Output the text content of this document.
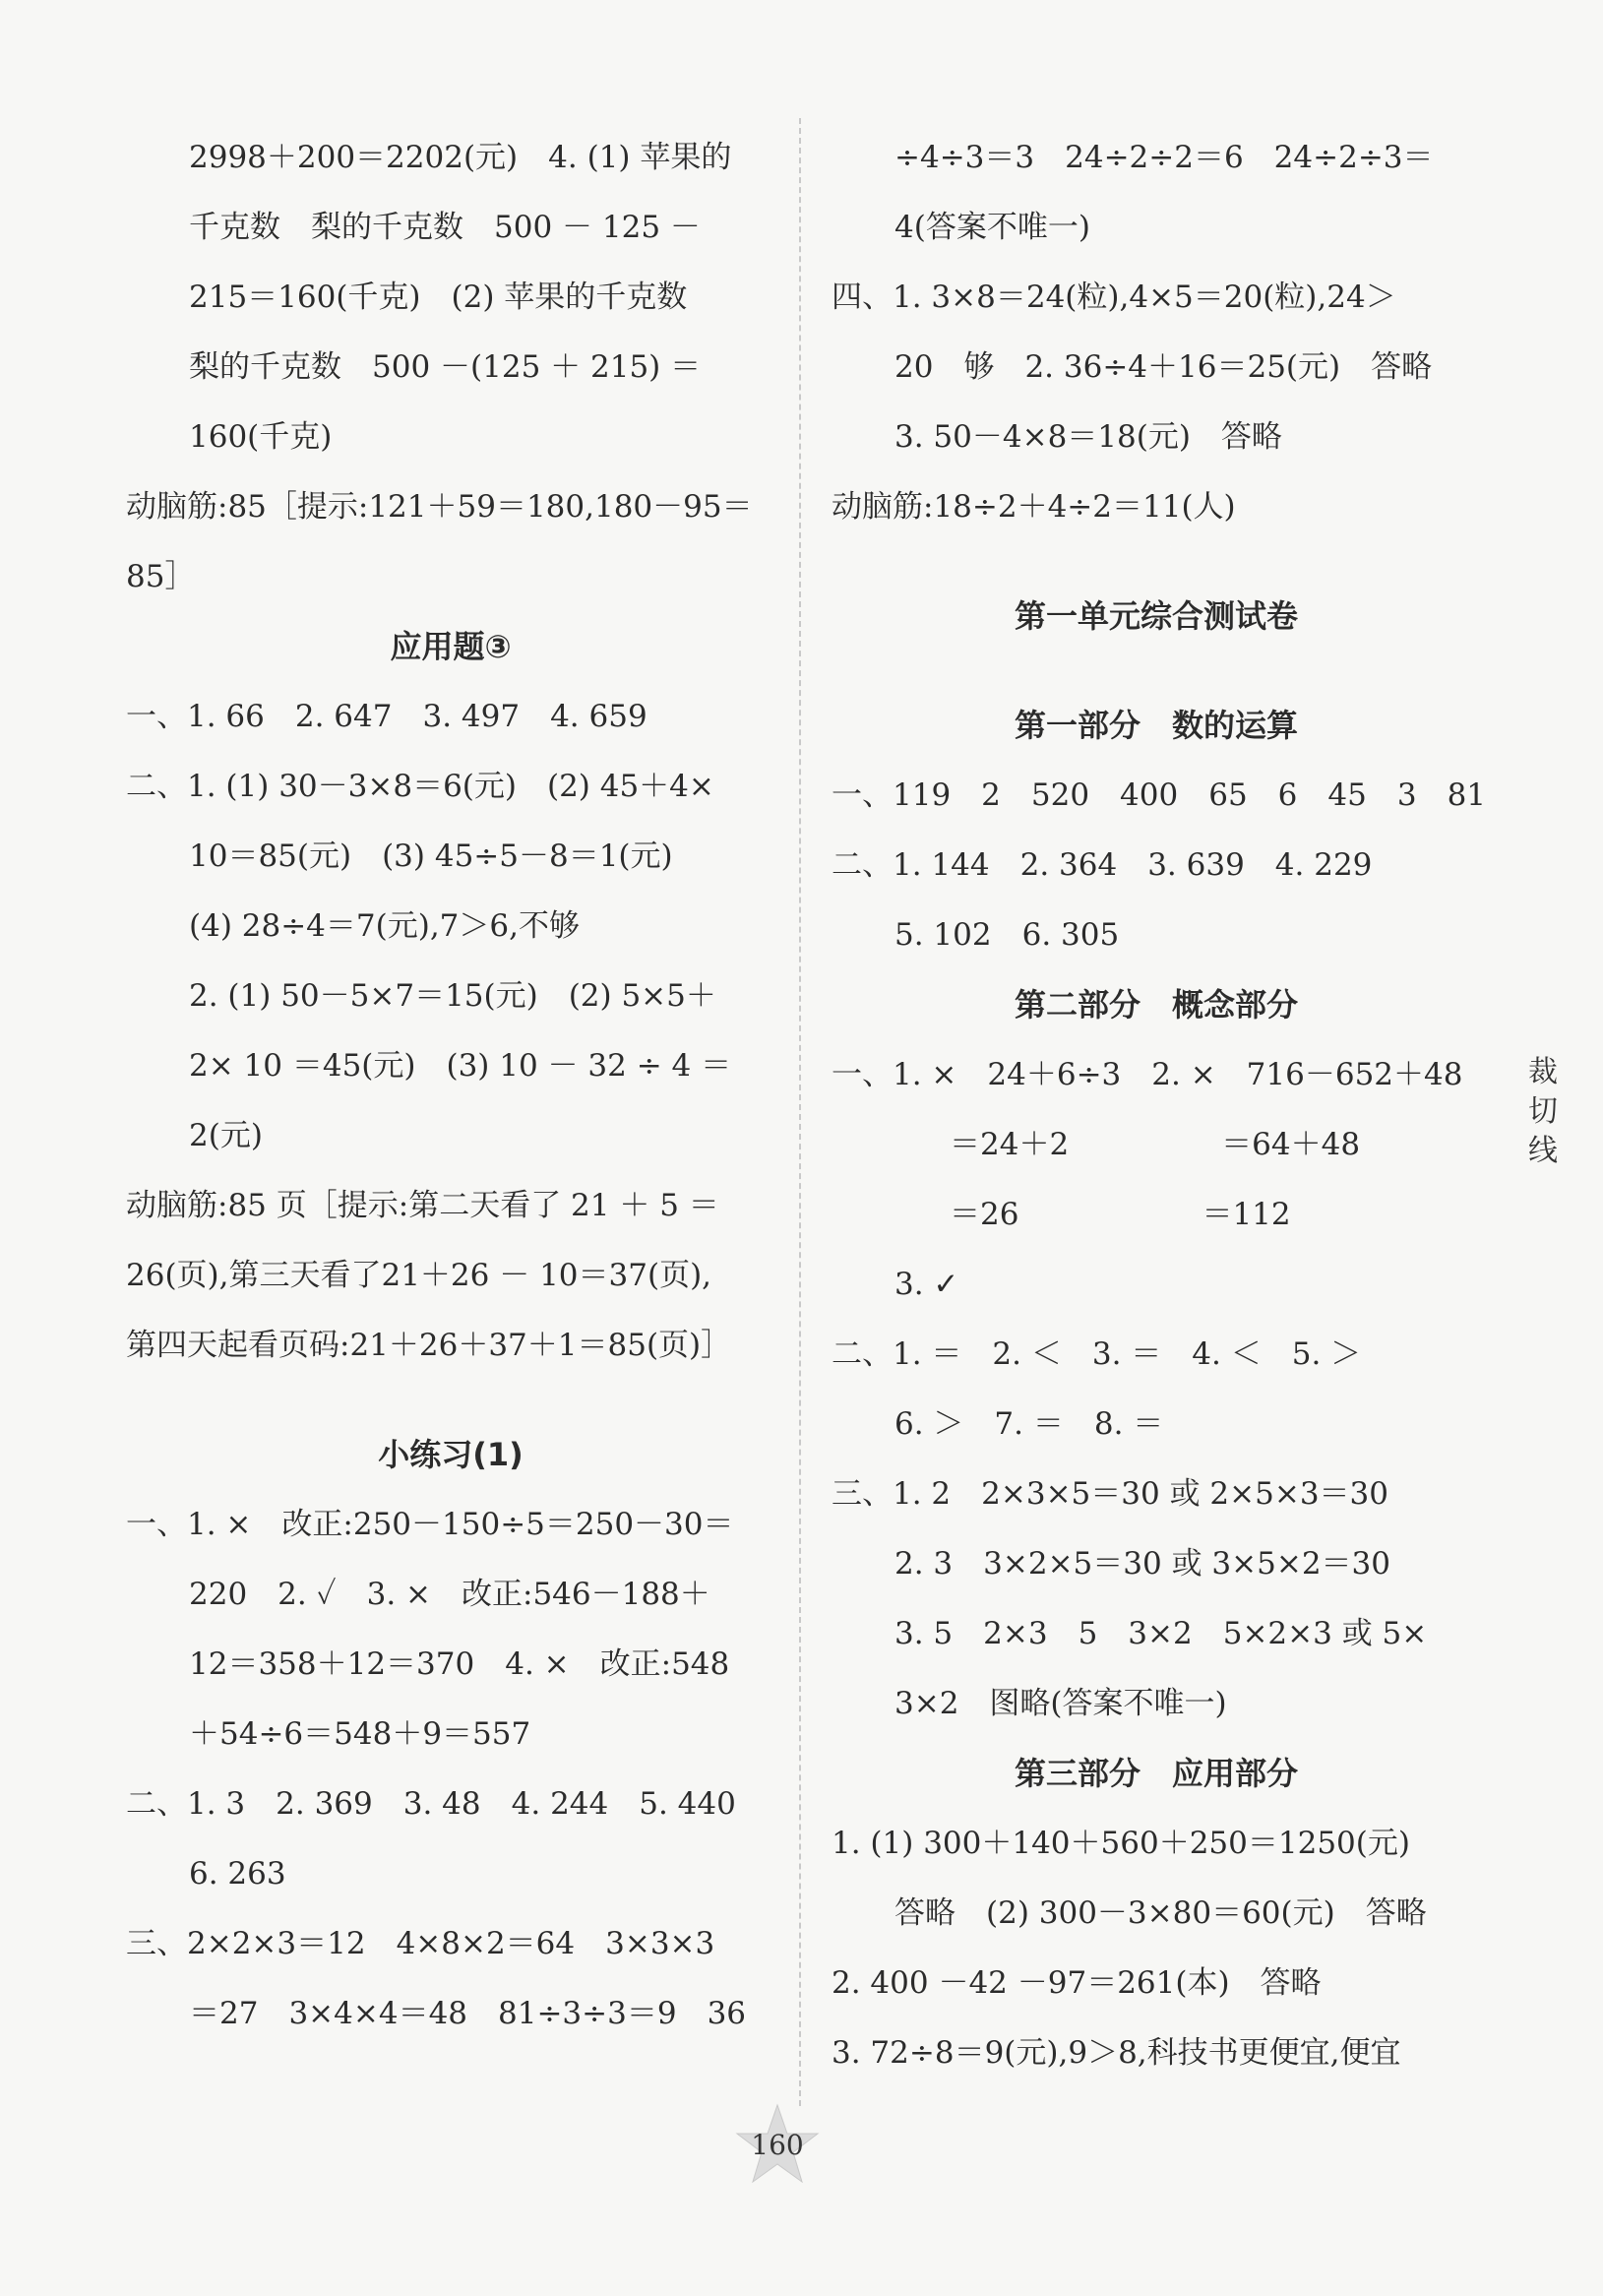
2998＋200＝2202(元)　4. (1) 苹果的
千克数　梨的千克数　500 － 125 －
215＝160(千克)　(2) 苹果的千克数
梨的千克数　500 －(125 ＋ 215) ＝
160(千克)
动脑筋:85［提示:121＋59＝180,180－95＝
85］
应用题③
一、1. 66　2. 647　3. 497　4. 659
二、1. (1) 30－3×8＝6(元)　(2) 45＋4×
10＝85(元)　(3) 45÷5－8＝1(元)
(4) 28÷4＝7(元),7＞6,不够
2. (1) 50－5×7＝15(元)　(2) 5×5＋
2× 10 ＝45(元)　(3) 10 － 32 ÷ 4 ＝
2(元)
动脑筋:85 页［提示:第二天看了 21 ＋ 5 ＝
26(页),第三天看了21＋26 － 10＝37(页),
第四天起看页码:21＋26＋37＋1＝85(页)］
小练习(1)
一、1. ×　改正:250－150÷5＝250－30＝
220　2. ✓　3. ×　改正:546－188＋
12＝358＋12＝370　4. ×　改正:548
＋54÷6＝548＋9＝557
二、1. 3　2. 369　3. 48　4. 244　5. 440
6. 263
三、2×2×3＝12　4×8×2＝64　3×3×3
＝27　3×4×4＝48　81÷3÷3＝9　36
÷4÷3＝3　24÷2÷2＝6　24÷2÷3＝
4(答案不唯一)
四、1. 3×8＝24(粒),4×5＝20(粒),24＞
20　够　2. 36÷4＋16＝25(元)　答略
3. 50－4×8＝18(元)　答略
动脑筋:18÷2＋4÷2＝11(人)
第一单元综合测试卷
第一部分　数的运算
一、119　2　520　400　65　6　45　3　81
二、1. 144　2. 364　3. 639　4. 229
5. 102　6. 305
第二部分　概念部分
一、1. ×　24＋6÷3　2. ×　716－652＋48
＝24＋2　　　　　＝64＋48
＝26　　　　　　＝112
3. ✓
二、1. ＝　2. ＜　3. ＝　4. ＜　5. ＞
6. ＞　7. ＝　8. ＝
三、1. 2　2×3×5＝30 或 2×5×3＝30
2. 3　3×2×5＝30 或 3×5×2＝30
3. 5　2×3　5　3×2　5×2×3 或 5×
3×2　图略(答案不唯一)
第三部分　应用部分
1. (1) 300＋140＋560＋250＝1250(元)
答略　(2) 300－3×80＝60(元)　答略
2. 400 －42 －97＝261(本)　答略
3. 72÷8＝9(元),9＞8,科技书更便宜,便宜
裁
切
线
160
